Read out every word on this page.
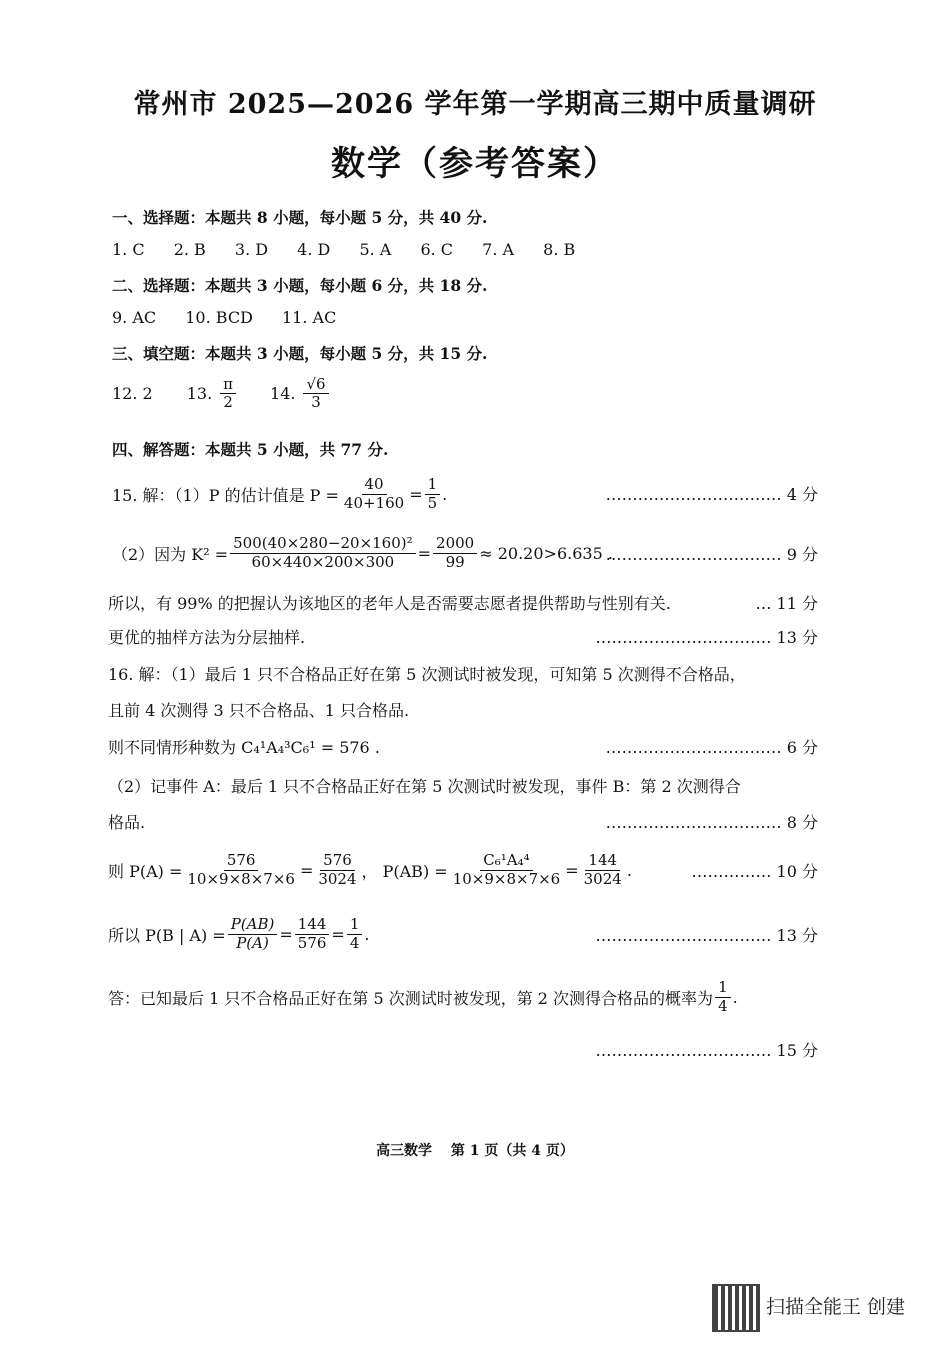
常州市 2025—2026 学年第一学期高三期中质量调研
数学（参考答案）
一、选择题：本题共 8 小题，每小题 5 分，共 40 分.
1. C 2. B 3. D 4. D 5. A 6. C 7. A 8. B
二、选择题：本题共 3 小题，每小题 6 分，共 18 分.
9. AC 10. BCD 11. AC
三、填空题：本题共 3 小题，每小题 5 分，共 15 分.
12. 2 13. $\frac{\pi}{2} 14$. $\frac{√6}{3}$
四、解答题：本题共 5 小题，共 77 分.
15. 解：（1）P 的估计值是 $P = \frac{40}{40+160} = \frac{1}{5}$ .	…………………………… 4 分
（2）因为 $K^2 = \frac{\text{500(40×280−20×160)²}}{60\times 440\times 200\times 300} = \frac{2000}{99} \approx 20.20>6.635$ .
…………………………… 9 分
所以，有 99% 的把握认为该地区的老年人是否需要志愿者提供帮助与性别有关.	… 11 分
更优的抽样方法为分层抽样.	…………………………… 13 分
16. 解：（1）最后 1 只不合格品正好在第 5 次测试时被发现，可知第 5 次测得不合格品，
且前 4 次测得 3 只不合格品、1 只合格品.
则不同情形种数为 C₄¹A₄³C₆¹ = 576 .	…………………………… 6 分
（2）记事件 A：最后 1 只不合格品正好在第 5 次测试时被发现，事件 B：第 2 次测得合
格品.	…………………………… 8 分
则 $P(A) = \frac{576}{10\times 9\times 8\times 7\times 6} = \frac{576}{3024}$ ， $P(AB) = \frac{\text{C₆¹A₄⁴}}{10\times 9\times 8\times 7\times 6} = \frac{144}{3024}$ .	…………… 10 分
所以 P(B | $A) = \frac{P(AB)}{P(A)} = \frac{144}{576} = \frac{1}{4}$ .	…………………………… 13 分
答：已知最后 1 只不合格品正好在第 5 次测试时被发现，第 2 次测得合格品的概率为 $\frac{1}{4}$ .
…………………………… 15 分
高三数学　 第 1 页（共 4 页）
扫描全能王 创建
